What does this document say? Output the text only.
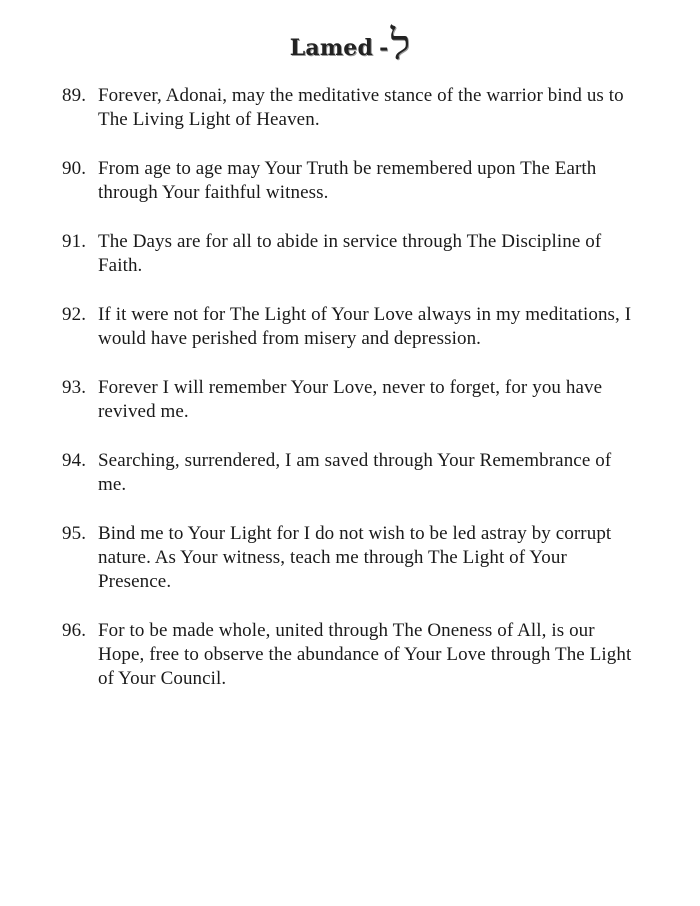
Lamed -ל
89. Forever, Adonai, may the meditative stance of the warrior bind us to The Living Light of Heaven.
90. From age to age may Your Truth be remembered upon The Earth through Your faithful witness.
91. The Days are for all to abide in service through The Discipline of Faith.
92. If it were not for The Light of Your Love always in my meditations, I would have perished from misery and depression.
93. Forever I will remember Your Love, never to forget, for you have revived me.
94. Searching, surrendered, I am saved through Your Remembrance of me.
95. Bind me to Your Light for I do not wish to be led astray by corrupt nature. As Your witness, teach me through The Light of Your Presence.
96. For to be made whole, united through The Oneness of All, is our Hope, free to observe the abundance of Your Love through The Light of Your Council.
